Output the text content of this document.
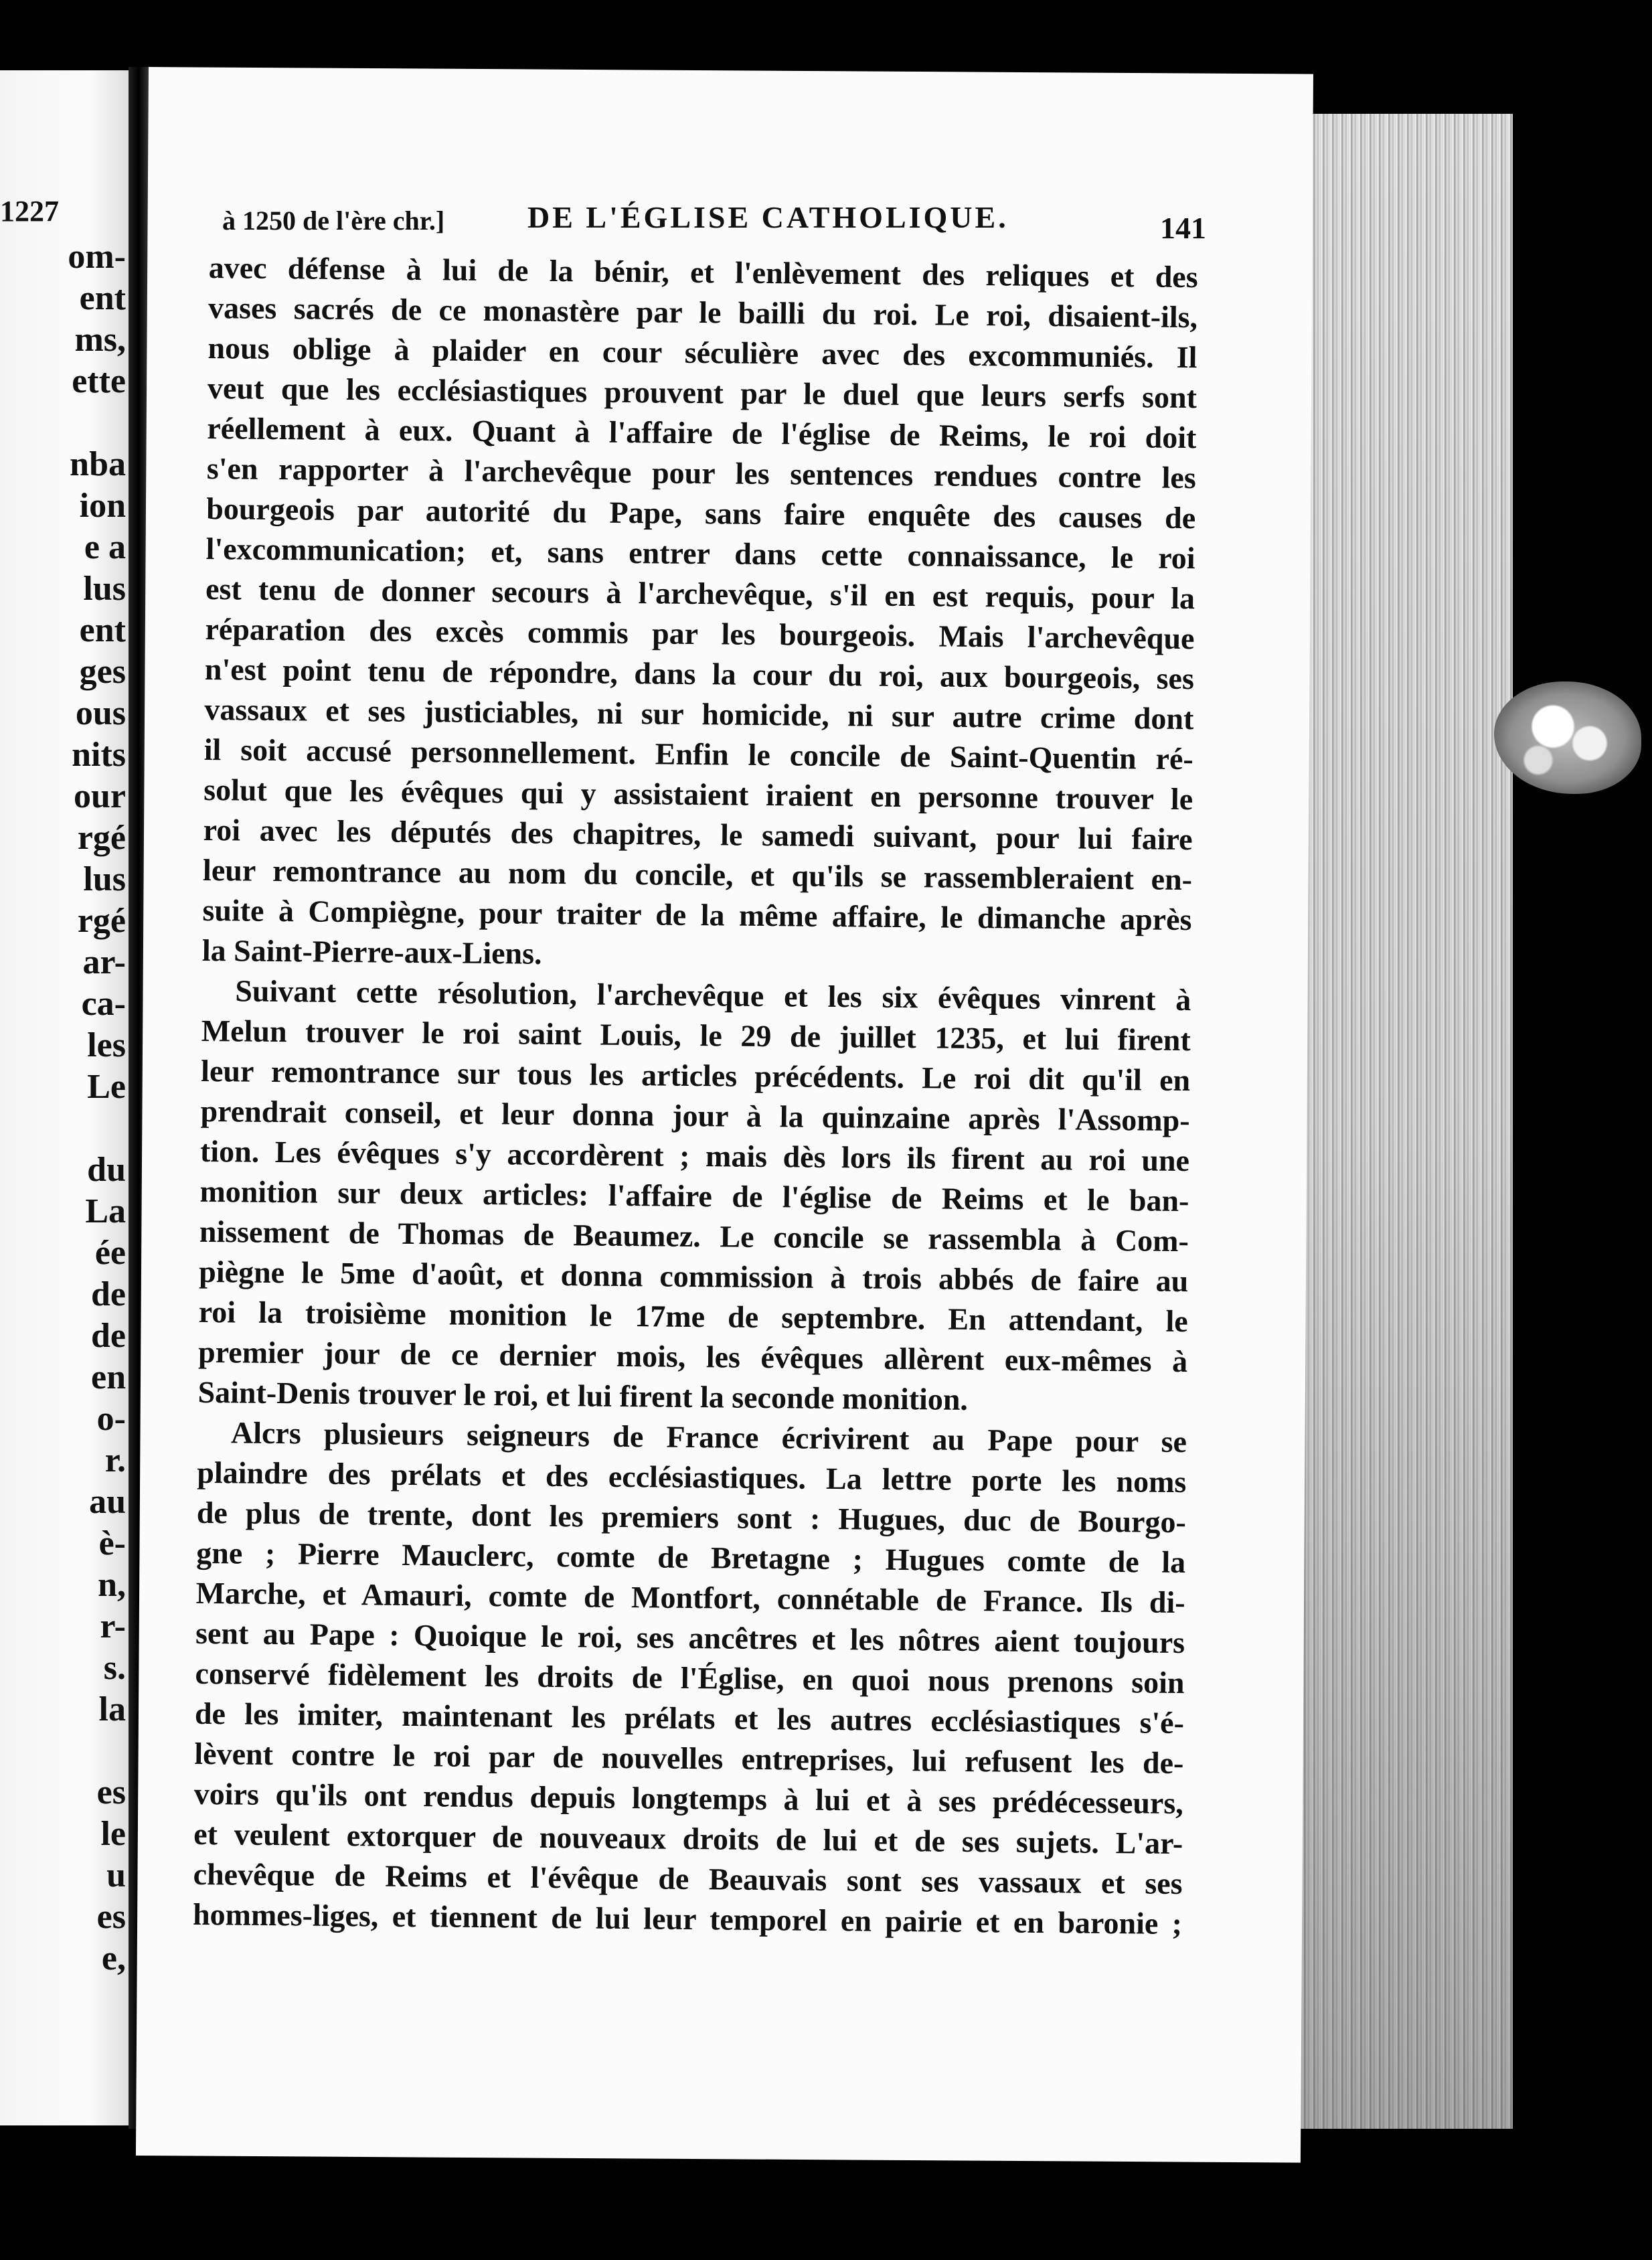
1227
om-
ent
ms,
ette
nba
ion
e a
lus
ent
ges
ous
nits
our
rgé
lus
rgé
ar-
ca-
les
Le
du
La
ée
de
de
en
o-
r.
au
è-
n,
r-
s.
la
es
le
u
es
e,
à 1250 de l'ère chr.]	DE L'ÉGLISE CATHOLIQUE.	141
avec défense à lui de la bénir, et l'enlèvement des reliques et des
vases sacrés de ce monastère par le bailli du roi. Le roi, disaient-ils,
nous oblige à plaider en cour séculière avec des excommuniés. Il
veut que les ecclésiastiques prouvent par le duel que leurs serfs sont
réellement à eux. Quant à l'affaire de l'église de Reims, le roi doit
s'en rapporter à l'archevêque pour les sentences rendues contre les
bourgeois par autorité du Pape, sans faire enquête des causes de
l'excommunication; et, sans entrer dans cette connaissance, le roi
est tenu de donner secours à l'archevêque, s'il en est requis, pour la
réparation des excès commis par les bourgeois. Mais l'archevêque
n'est point tenu de répondre, dans la cour du roi, aux bourgeois, ses
vassaux et ses justiciables, ni sur homicide, ni sur autre crime dont
il soit accusé personnellement. Enfin le concile de Saint-Quentin ré-
solut que les évêques qui y assistaient iraient en personne trouver le
roi avec les députés des chapitres, le samedi suivant, pour lui faire
leur remontrance au nom du concile, et qu'ils se rassembleraient en-
suite à Compiègne, pour traiter de la même affaire, le dimanche après
la Saint-Pierre-aux-Liens.
Suivant cette résolution, l'archevêque et les six évêques vinrent à
Melun trouver le roi saint Louis, le 29 de juillet 1235, et lui firent
leur remontrance sur tous les articles précédents. Le roi dit qu'il en
prendrait conseil, et leur donna jour à la quinzaine après l'Assomp-
tion. Les évêques s'y accordèrent ; mais dès lors ils firent au roi une
monition sur deux articles: l'affaire de l'église de Reims et le ban-
nissement de Thomas de Beaumez. Le concile se rassembla à Com-
piègne le 5me d'août, et donna commission à trois abbés de faire au
roi la troisième monition le 17me de septembre. En attendant, le
premier jour de ce dernier mois, les évêques allèrent eux-mêmes à
Saint-Denis trouver le roi, et lui firent la seconde monition.
Alcrs plusieurs seigneurs de France écrivirent au Pape pour se
plaindre des prélats et des ecclésiastiques. La lettre porte les noms
de plus de trente, dont les premiers sont : Hugues, duc de Bourgo-
gne ; Pierre Mauclerc, comte de Bretagne ; Hugues comte de la
Marche, et Amauri, comte de Montfort, connétable de France. Ils di-
sent au Pape : Quoique le roi, ses ancêtres et les nôtres aient toujours
conservé fidèlement les droits de l'Église, en quoi nous prenons soin
de les imiter, maintenant les prélats et les autres ecclésiastiques s'é-
lèvent contre le roi par de nouvelles entreprises, lui refusent les de-
voirs qu'ils ont rendus depuis longtemps à lui et à ses prédécesseurs,
et veulent extorquer de nouveaux droits de lui et de ses sujets. L'ar-
chevêque de Reims et l'évêque de Beauvais sont ses vassaux et ses
hommes-liges, et tiennent de lui leur temporel en pairie et en baronie ;
